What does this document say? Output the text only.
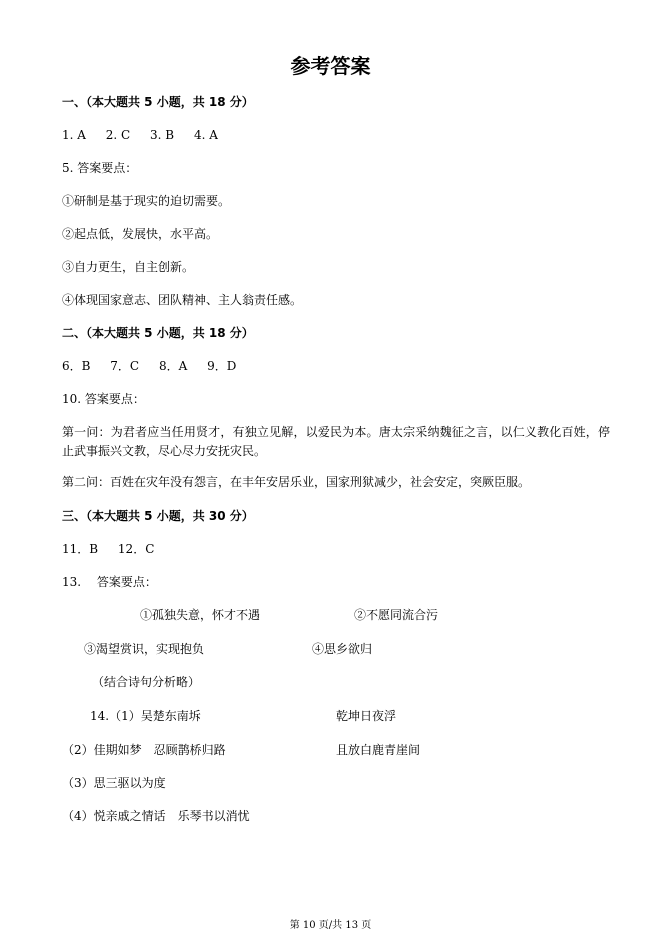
参考答案
一、（本大题共 5 小题，共 18 分）
1. A 2. C 3. B 4. A
5. 答案要点：
①研制是基于现实的迫切需要。
②起点低，发展快，水平高。
③自力更生，自主创新。
④体现国家意志、团队精神、主人翁责任感。
二、（本大题共 5 小题，共 18 分）
6．B 7．C 8．A 9．D
10. 答案要点：
第一问：为君者应当任用贤才，有独立见解，以爱民为本。唐太宗采纳魏征之言，以仁义教化百姓，停止武事振兴文教，尽心尽力安抚灾民。
第二问：百姓在灾年没有怨言，在丰年安居乐业，国家刑狱减少，社会安定，突厥臣服。
三、（本大题共 5 小题，共 30 分）
11．B 12．C
13.　 答案要点：
①孤独失意，怀才不遇	②不愿同流合污
③渴望赏识，实现抱负	④思乡欲归
（结合诗句分析略）
14.（1）吴楚东南坼	乾坤日夜浮
（2）佳期如梦　忍顾鹊桥归路	且放白鹿青崖间
（3）思三驱以为度
（4）悦亲戚之情话　乐琴书以消忧
第 10 页/共 13 页
